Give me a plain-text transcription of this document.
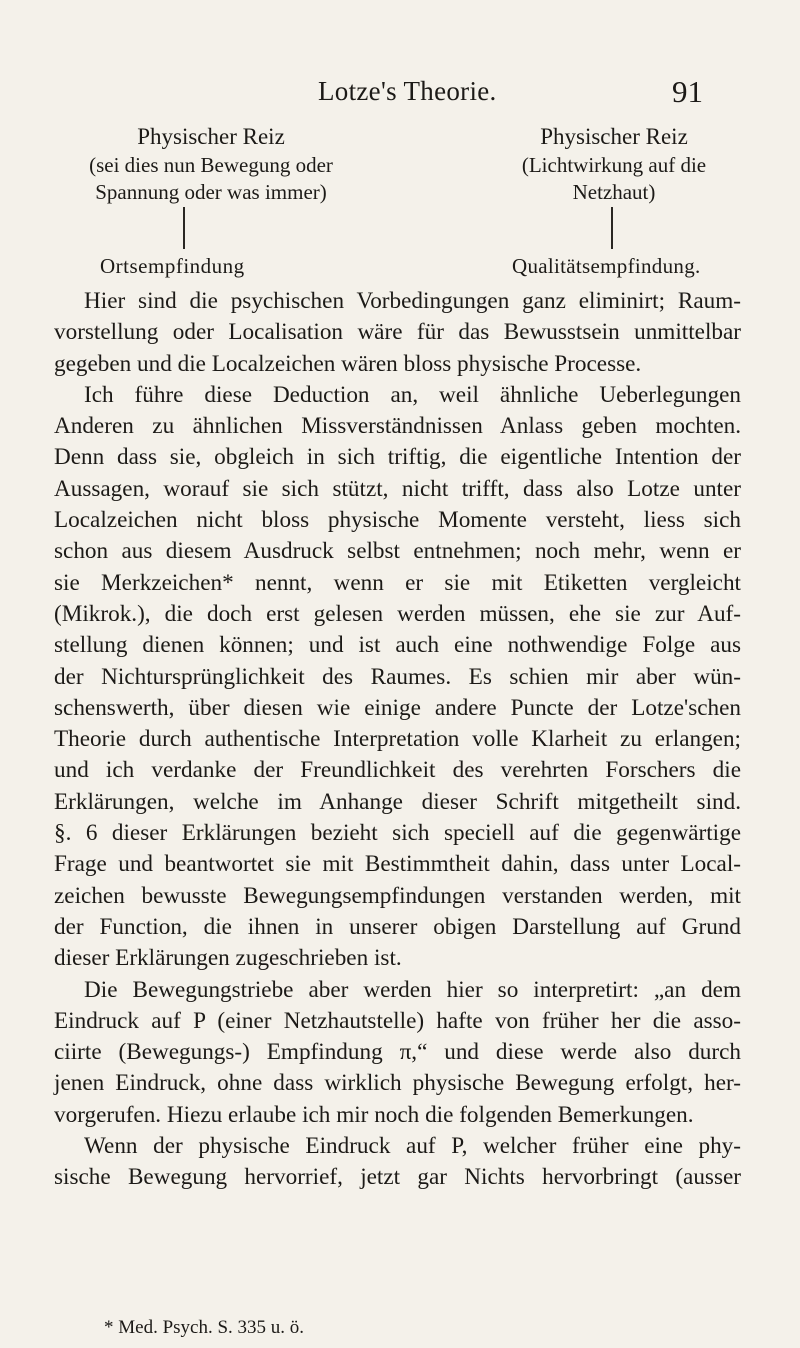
Lotze's Theorie.	91
Physischer Reiz
(sei dies nun Bewegung oder
Spannung oder was immer)
Ortsempfindung
Physischer Reiz
(Lichtwirkung auf die
Netzhaut)
Qualitätsempfindung.
Hier sind die psychischen Vorbedingungen ganz eliminirt; Raum-
vorstellung oder Localisation wäre für das Bewusstsein unmittelbar
gegeben und die Localzeichen wären bloss physische Processe.
Ich führe diese Deduction an, weil ähnliche Ueberlegungen
Anderen zu ähnlichen Missverständnissen Anlass geben mochten.
Denn dass sie, obgleich in sich triftig, die eigentliche Intention der
Aussagen, worauf sie sich stützt, nicht trifft, dass also Lotze unter
Localzeichen nicht bloss physische Momente versteht, liess sich
schon aus diesem Ausdruck selbst entnehmen; noch mehr, wenn er
sie Merkzeichen* nennt, wenn er sie mit Etiketten vergleicht
(Mikrok.), die doch erst gelesen werden müssen, ehe sie zur Auf-
stellung dienen können; und ist auch eine nothwendige Folge aus
der Nichtursprünglichkeit des Raumes. Es schien mir aber wün-
schenswerth, über diesen wie einige andere Puncte der Lotze'schen
Theorie durch authentische Interpretation volle Klarheit zu erlangen;
und ich verdanke der Freundlichkeit des verehrten Forschers die
Erklärungen, welche im Anhange dieser Schrift mitgetheilt sind.
§. 6 dieser Erklärungen bezieht sich speciell auf die gegenwärtige
Frage und beantwortet sie mit Bestimmtheit dahin, dass unter Local-
zeichen bewusste Bewegungsempfindungen verstanden werden, mit
der Function, die ihnen in unserer obigen Darstellung auf Grund
dieser Erklärungen zugeschrieben ist.
Die Bewegungstriebe aber werden hier so interpretirt: „an dem
Eindruck auf P (einer Netzhautstelle) hafte von früher her die asso-
ciirte (Bewegungs-) Empfindung π,“ und diese werde also durch
jenen Eindruck, ohne dass wirklich physische Bewegung erfolgt, her-
vorgerufen. Hiezu erlaube ich mir noch die folgenden Bemerkungen.
Wenn der physische Eindruck auf P, welcher früher eine phy-
sische Bewegung hervorrief, jetzt gar Nichts hervorbringt (ausser
* Med. Psych. S. 335 u. ö.
